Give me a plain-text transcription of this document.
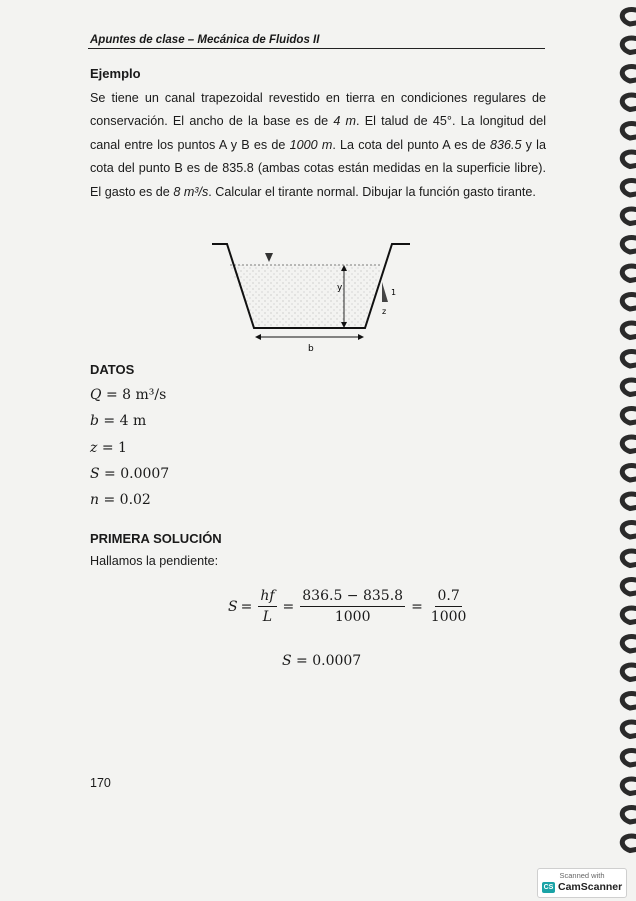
Apuntes de clase – Mecánica de Fluidos II
Ejemplo
Se tiene un canal trapezoidal revestido en tierra en condiciones regulares de conservación. El ancho de la base es de 4 m. El talud de 45°. La longitud del canal entre los puntos A y B es de 1000 m. La cota del punto A es de 836.5 y la cota del punto B es de 835.8 (ambas cotas están medidas en la superficie libre). El gasto es de 8 m³/s. Calcular el tirante normal. Dibujar la función gasto tirante.
y	1
z
b
DATOS
Q = 8 m³/s
b = 4 m
z = 1
S = 0.0007
n = 0.02
PRIMERA SOLUCIÓN
Hallamos la pendiente:
$S = \frac{hf}{L} = \frac{836.5 - 835.8}{1000} = \frac{0.7}{1000}$
S = 0.0007
170
Scanned with
CS CamScanner
